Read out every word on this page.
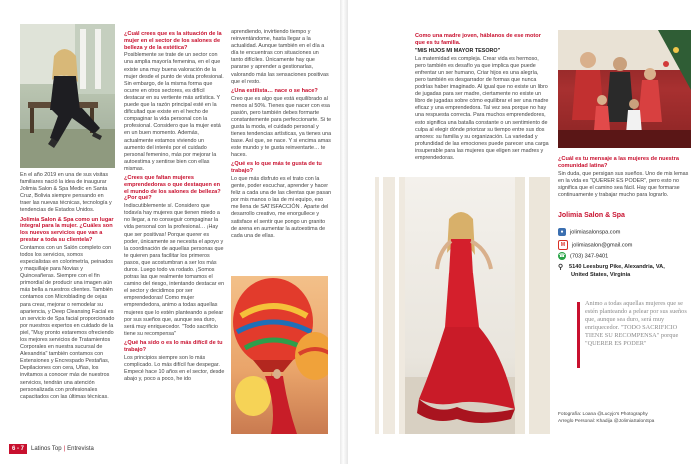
En el año 2019 en una de sus visitas familiares nació la idea de inaugurar Jolimia Salon & Spa Medic en Santa Cruz, Bolivia siempre pensando en traer las nuevas técnicas, tecnología y tendencias de Estados Unidos.

Jolimia Salon & Spa como un lugar integral para la mujer. ¿Cuáles son los nuevos servicios que van a prestar a toda su clientela?

Contamos con un Salón completo con todos los servicios, somos especialistas en colorimetría, peinados y maquillaje para Novias y Quinceañeras. Siempre con el fin primordial de producir una imagen aún más bella a nuestros clientes. También contamos con Microblading de cejas para crear, mejorar o remodelar su apariencia, y Deep Cleansing Facial es un servicio de Spa facial proporcionado por nuestros expertos en cuidado de la piel, "Muy pronto estaremos ofreciendo los mejores servicios de Tratamientos Corporales en nuestra sucursal de Alexandria" también contamos con Extensiones y Encrespado Pestañas, Depilaciones con cera, Uñas, los invitamos a conocer más de nuestros servicios, tendrán una atención personalizada con profesionales capacitados con las últimas técnicas.

¿Cuál crees que es la situación de la mujer en el sector de los salones de belleza y de la estética?

Posiblemente se trate de un sector con una amplia mayoría femenina, en el que existe una muy buena valoración de la mujer desde el punto de vista profesional. Sin embargo, de la misma forma que ocurre en otros sectores, es difícil destacar en su vertiente más artística. Y puede que la razón principal esté en la dificultad que existe en el hecho de compaginar la vida personal con la profesional. Considero que la mujer está en un buen momento. Además, actualmente estamos viviendo un aumento del interés por el cuidado personal femenino, más por mejorar la autoestima y sentirse bien con ellas mismas.

¿Crees que faltan mujeres emprendedoras o que destaquen en el mundo de los salones de belleza? ¿Por qué?

Indiscutiblemente sí. Considero que todavía hay mujeres que tienen miedo a no llegar, a no conseguir compaginar la vida personal con la profesional… ¡Hay que ser positivas! Porque querer es poder, únicamente se necesita el apoyo y la coordinación de aquellas personas que te quieren para facilitar los primeros pasos, que acostumbran a ser los más duros. Luego todo va rodado. ¡Somos potras las que realmente tomamos el camino del riesgo, intentando destacar en el sector y decidimos por ser emprendedoras! Como mujer emprendedora, animo a todas aquellas mujeres que lo estén planteando a pelear por sus sueños que, aunque sea duro, será muy enriquecedor. "Todo sacrificio tiene su recompensa"

¿Qué ha sido o es lo más difícil de tu trabajo?

Los principios siempre son lo más complicado. Lo más difícil fue despegar. Empecé hace 10 años en el sector, desde abajo y, poco a poco, he ido

aprendiendo, invirtiendo tiempo y reinventándome, hasta llegar a la actualidad. Aunque también en el día a día te encuentras con situaciones un tanto difíciles. Únicamente hay que pararse y aprender a gestionarlas, valorando más las sensaciones positivas que el resto.

¿Una estilista… nace o se hace?

Creo que es algo que está equilibrado al menos al 50%. Tienes que nacer con esa pasión, pero también debes formarte constantemente para perfeccionarte. Si te gusta la moda, el cuidado personal y tienes tendencias artísticas, ya tienes una base. Así que, se nace. Y si encima amas este mundo y te gusta reinventarte… te haces.

¿Qué es lo que más te gusta de tu trabajo?

Lo que más disfruto es el trato con la gente, poder escuchar, aprender y hacer feliz a cada una de las clientas que pasan por mis manos o las de mi equipo, eso me llena de SATISFACCIÓN . Aparte del desarrollo creativo, me enorgullece y satisface el sentir que pongo un granito de arena en aumentar la autoestima de cada una de ellas.

Como una madre joven, háblanos de ese motor que es tu familia.

"MIS HIJOS MI MAYOR TESORO"

La maternidad es compleja. Crear vida es hermoso, pero también es desafío ya que implica que puede enfrentar un ser humano, Criar hijos es una alegría, pero también es desgarrador de formas que nunca podrías haber imaginado. Al igual que no existe un libro de jugadas para ser madre, ciertamente no existe un libro de jugadas sobre cómo equilibrar el ser una madre eficaz y una emprendedora. Tal vez sea porque no hay una respuesta correcta. Para muchos emprendedores, esto significa una batalla constante o un sentimiento de culpa al elegir dónde priorizar su tiempo entre sus dos amores: su familia y su organización. La variedad y profundidad de las emociones puede parecer una carga insuperable para las mujeres que eligen ser madres y emprendedoras.	¿Cuál es tu mensaje a las mujeres de nuestra comunidad latina?

Sin duda, que persigan sus sueños. Uno de mis lemas en la vida es "QUERER ES PODER", pero esto no significa que el camino sea fácil. Hay que formarse continuamente y trabajar mucho para lograrlo.

Jolimia Salon & Spa
● jolimiasalonspa.com
M jolimiasalon@gmail.com
☎ (703) 347-9401
⚲ 5140 Leesburg Pike, Alexandria, VA,
United States, Virginia
Animo a todas aquellas mujeres que se estén planteando a pelear por sus sueños que, aunque sea duro, será muy enriquecedor. "TODO SACRIFICIO TIENE SU RECOMPENSA" porque "QUERER ES PODER"
Fotografía: Loana @Lucyjo's Photography
Arreglo Personal: Khadija @JolimiaSalonSpa
6 - 7	Latinos Top | Entrevista
